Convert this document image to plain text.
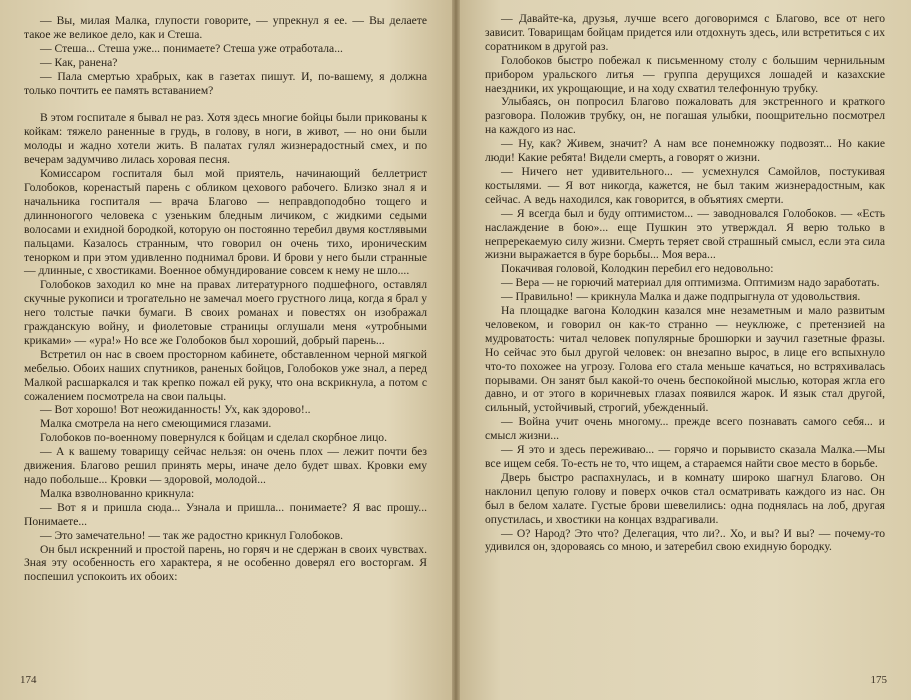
— Вы, милая Малка, глупости говорите, — упрекнул я ее. — Вы делаете такое же великое дело, как и Стеша.

— Стеша... Стеша уже... понимаете? Стеша уже отработала...

— Как, ранена?

— Пала смертью храбрых, как в газетах пишут. И, по-вашему, я должна только почтить ее память вставанием?

В этом госпитале я бывал не раз. Хотя здесь многие бойцы были прикованы к койкам: тяжело раненные в грудь, в голову, в ноги, в живот, — но они были молоды и жадно хотели жить. В палатах гулял жизнерадостный смех, и по вечерам задумчиво лилась хоровая песня.

Комиссаром госпиталя был мой приятель, начинающий беллетрист Голобоков, коренастый парень с обликом цехового рабочего. Близко знал я и начальника госпиталя — врача Благово — неправдоподобно тощего и длинноногого человека с узеньким бледным личиком, с жидкими седыми волосами и ехидной бородкой, которую он постоянно теребил двумя костлявыми пальцами. Казалось странным, что говорил он очень тихо, ироническим тенорком и при этом удивленно поднимал брови. И брови у него были странные — длинные, с хвостиками. Военное обмундирование совсем к нему не шло....

Голобоков заходил ко мне на правах литературного подшефного, оставлял скучные рукописи и трогательно не замечал моего грустного лица, когда я брал у него толстые пачки бумаги. В своих романах и повестях он изображал гражданскую войну, и фиолетовые страницы оглушали меня «утробными криками» — «ура!» Но все же Голобоков был хороший, добрый парень...

Встретил он нас в своем просторном кабинете, обставленном черной мягкой мебелью. Обоих наших спутников, раненых бойцов, Голобоков уже знал, а перед Малкой расшаркался и так крепко пожал ей руку, что она вскрикнула, а потом с сожалением посмотрела на свои пальцы.

— Вот хорошо! Вот неожиданность! Ух, как здорово!..

Малка смотрела на него смеющимися глазами.

Голобоков по-военному повернулся к бойцам и сделал скорбное лицо.

— А к вашему товарищу сейчас нельзя: он очень плох — лежит почти без движения. Благово решил принять меры, иначе дело будет швах. Кровки ему надо побольше... Кровки — здоровой, молодой...

Малка взволнованно крикнула:

— Вот я и пришла сюда... Узнала и пришла... понимаете? Я вас прошу... Понимаете...

— Это замечательно! — так же радостно крикнул Голобоков.

Он был искренний и простой парень, но горяч и не сдержан в своих чувствах. Зная эту особенность его характера, я не особенно доверял его восторгам. Я поспешил успокоить их обоих:

174

— Давайте-ка, друзья, лучше всего договоримся с Благово, все от него зависит. Товарищам бойцам придется или отдохнуть здесь, или встретиться с их соратником в другой раз.

Голобоков быстро побежал к письменному столу с большим чернильным прибором уральского литья — группа дерущихся лошадей и казахские наездники, их укрощающие, и на ходу схватил телефонную трубку.

Улыбаясь, он попросил Благово пожаловать для экстренного и краткого разговора. Положив трубку, он, не погашая улыбки, поощрительно посмотрел на каждого из нас.

— Ну, как? Живем, значит? А нам все понемножку подвозят... Но какие люди! Какие ребята! Видели смерть, а говорят о жизни.

— Ничего нет удивительного... — усмехнулся Самойлов, постукивая костылями. — Я вот никогда, кажется, не был таким жизнерадостным, как сейчас. А ведь находился, как говорится, в объятиях смерти.

— Я всегда был и буду оптимистом... — заводновался Голобоков. — «Есть наслаждение в бою»... еще Пушкин это утверждал. Я верю только в непререкаемую силу жизни. Смерть теряет свой страшный смысл, если эта сила жизни выражается в буре борьбы... Моя вера...

Покачивая головой, Колодкин перебил его недовольно:

— Вера — не горючий материал для оптимизма. Оптимизм надо заработать.

— Правильно! — крикнула Малка и даже подпрыгнула от удовольствия.

На площадке вагона Колодкин казался мне незаметным и мало развитым человеком, и говорил он как-то странно — неуклюже, с претензией на мудроватость: читал человек популярные брошюрки и заучил газетные фразы. Но сейчас это был другой человек: он внезапно вырос, в лице его вспыхнуло что-то похожее на угрозу. Голова его стала меньше качаться, но встряхивалась порывами. Он занят был какой-то очень беспокойной мыслью, которая жгла его давно, и от этого в коричневых глазах появился жарок. И язык стал другой, сильный, устойчивый, строгий, убежденный.

— Война учит очень многому... прежде всего познавать самого себя... и смысл жизни...

— Я это и здесь переживаю... — горячо и порывисто сказала Малка.—Мы все ищем себя. То-есть не то, что ищем, а стараемся найти свое место в борьбе.

Дверь быстро распахнулась, и в комнату широко шагнул Благово. Он наклонил цепую голову и поверх очков стал осматривать каждого из нас. Он был в белом халате. Густые брови шевелились: одна поднялась на лоб, другая опустилась, и хвостики на концах вздрагивали.

— О? Народ? Это что? Делегация, что ли?.. Хо, и вы? И вы? — почему-то удивился он, здороваясь со мною, и затеребил свою ехидную бородку.

175
